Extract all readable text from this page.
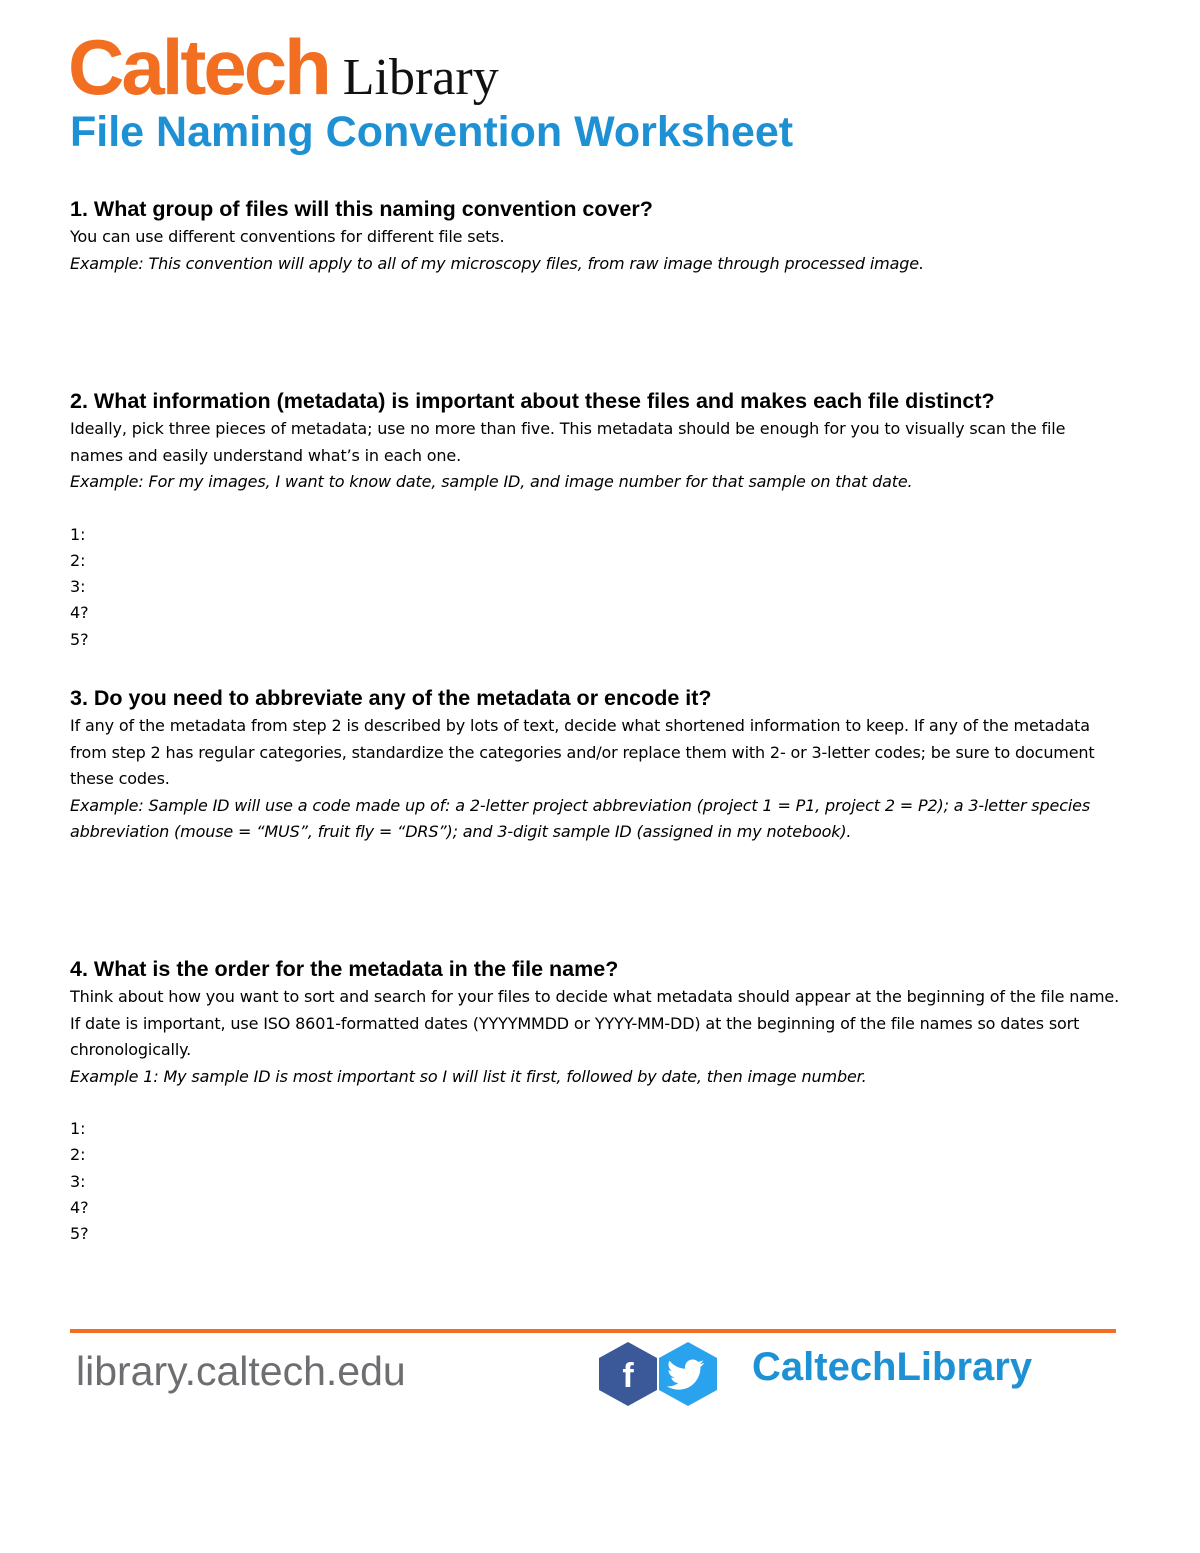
Caltech Library
File Naming Convention Worksheet
1. What group of files will this naming convention cover?
You can use different conventions for different file sets.
Example: This convention will apply to all of my microscopy files, from raw image through processed image.
2. What information (metadata) is important about these files and makes each file distinct?
Ideally, pick three pieces of metadata; use no more than five. This metadata should be enough for you to visually scan the file names and easily understand what’s in each one.
Example: For my images, I want to know date, sample ID, and image number for that sample on that date.
1:
2:
3:
4?
5?
3. Do you need to abbreviate any of the metadata or encode it?
If any of the metadata from step 2 is described by lots of text, decide what shortened information to keep. If any of the metadata from step 2 has regular categories, standardize the categories and/or replace them with 2- or 3-letter codes; be sure to document these codes.
Example: Sample ID will use a code made up of: a 2-letter project abbreviation (project 1 = P1, project 2 = P2); a 3-letter species abbreviation (mouse = “MUS”, fruit fly = “DRS”); and 3-digit sample ID (assigned in my notebook).
4. What is the order for the metadata in the file name?
Think about how you want to sort and search for your files to decide what metadata should appear at the beginning of the file name. If date is important, use ISO 8601-formatted dates (YYYYMMDD or YYYY-MM-DD) at the beginning of the file names so dates sort chronologically.
Example 1: My sample ID is most important so I will list it first, followed by date, then image number.
1:
2:
3:
4?
5?
library.caltech.edu	f	CaltechLibrary
